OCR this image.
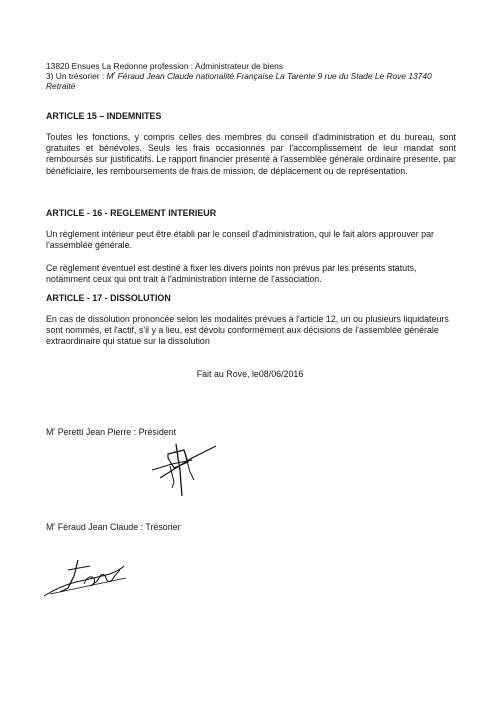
13820 Ensues La Redonne profession : Administrateur de biens
3) Un trésorier : $M^r$ Féraud Jean Claude nationalité Française La Tarente 9 rue du Stade Le Rove 13740
Retraité
ARTICLE 15 – INDEMNITES
Toutes les fonctions, y compris celles des membres du conseil d'administration et du bureau, sont gratuites et bénévoles. Seuls les frais occasionnés par l'accomplissement de leur mandat sont remboursés sur justificatifs. Le rapport financier présenté à l'assemblée générale ordinaire présente, par bénéficiaire, les remboursements de frais de mission, de déplacement ou de représentation.
ARTICLE - 16 - REGLEMENT INTERIEUR
Un règlement intérieur peut être établi par le conseil d'administration, qui le fait alors approuver par l'assemblée générale.
Ce règlement éventuel est destiné à fixer les divers points non prévus par les présents statuts, notamment ceux qui ont trait à l'administration interne de l'association.
ARTICLE - 17 - DISSOLUTION
En cas de dissolution prononcée selon les modalités prévues à l'article 12, un ou plusieurs liquidateurs sont nommés, et l'actif, s'il y a lieu, est dévolu conformément aux décisions de l'assemblée générale extraordinaire qui statue sur la dissolution
Fait au Rove, le08/06/2016
$M^r$ Peretti Jean Pierre : Président
$M^r$ Féraud Jean Claude : Trésorier
